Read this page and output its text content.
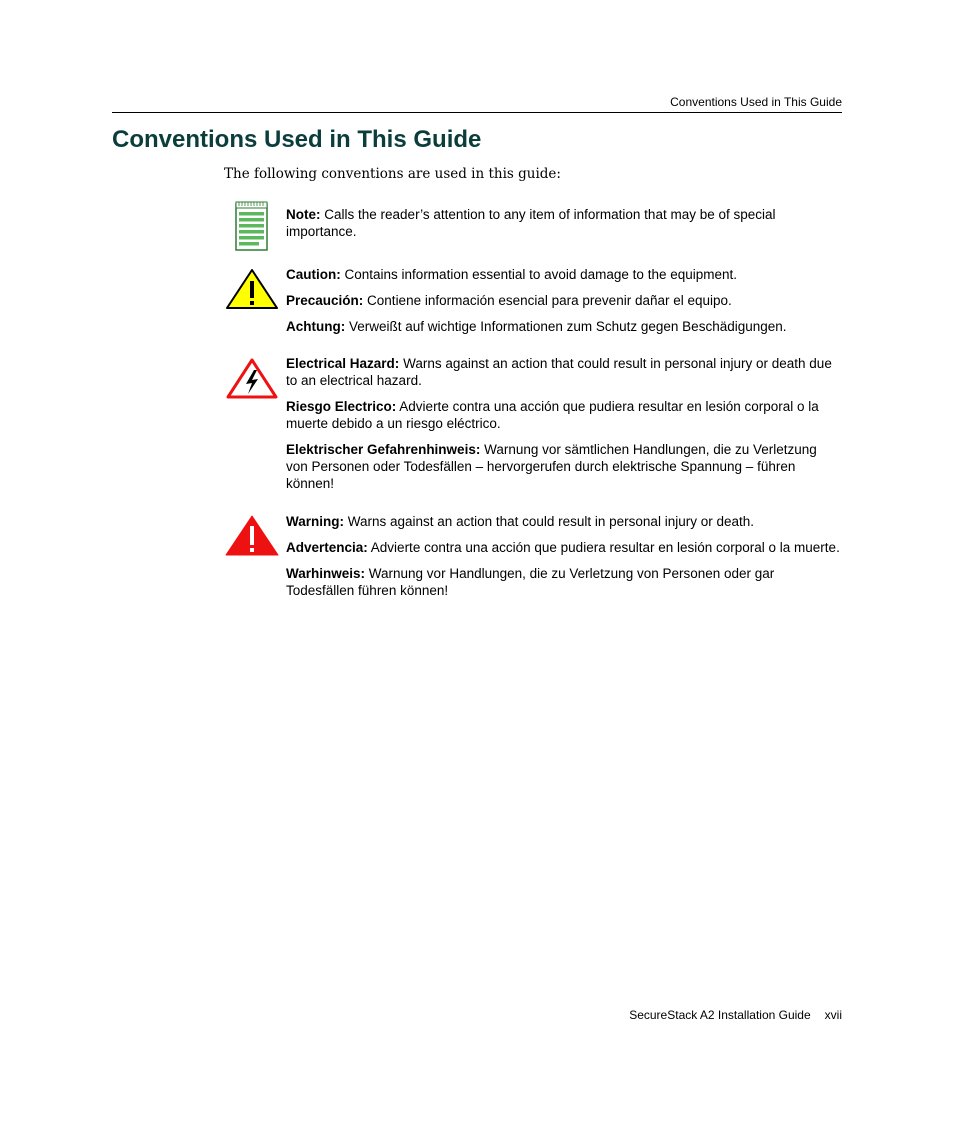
Conventions Used in This Guide
Conventions Used in This Guide

The following conventions are used in this guide:

Note: Calls the reader’s attention to any item of information that may be of special importance.

Caution: Contains information essential to avoid damage to the equipment.

Precaución: Contiene información esencial para prevenir dañar el equipo.

Achtung: Verweißt auf wichtige Informationen zum Schutz gegen Beschädigungen.

Electrical Hazard: Warns against an action that could result in personal injury or death due to an electrical hazard.

Riesgo Electrico: Advierte contra una acción que pudiera resultar en lesión corporal o la muerte debido a un riesgo eléctrico.

Elektrischer Gefahrenhinweis: Warnung vor sämtlichen Handlungen, die zu Verletzung von Personen oder Todesfällen – hervorgerufen durch elektrische Spannung – führen können!

Warning: Warns against an action that could result in personal injury or death.

Advertencia: Advierte contra una acción que pudiera resultar en lesión corporal o la muerte.

Warhinweis: Warnung vor Handlungen, die zu Verletzung von Personen oder gar Todesfällen führen können!

SecureStack A2 Installation Guide xvii
